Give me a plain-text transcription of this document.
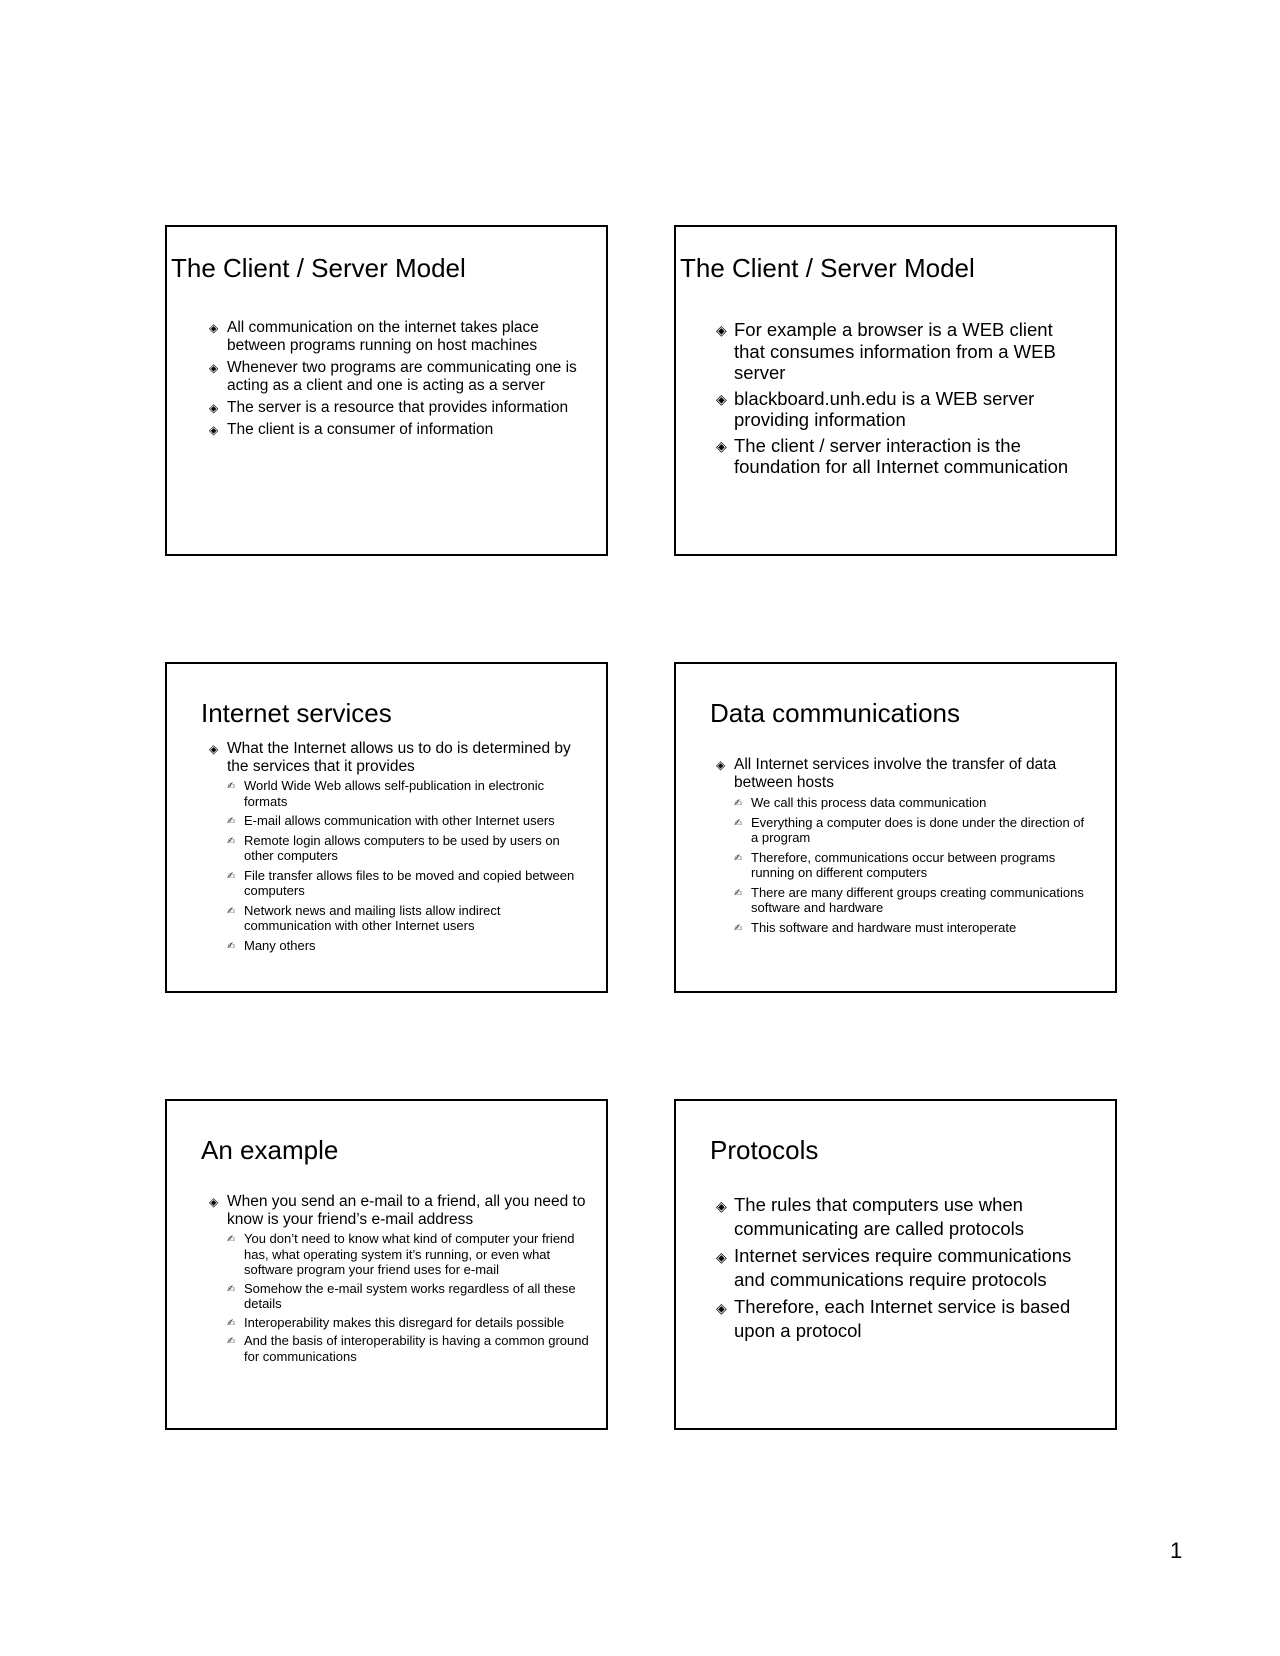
The Client / Server Model
◈ All communication on the internet takes place between programs running on host machines
◈ Whenever two programs are communicating one is acting as a client and one is acting as a server
◈ The server is a resource that provides information
◈ The client is a consumer of information
The Client / Server Model
◈ For example a browser is a WEB client that consumes information from a WEB server
◈ blackboard.unh.edu is a WEB server providing information
◈ The client / server interaction is the foundation for all Internet communication
Internet services
◈ What the Internet allows us to do is determined by the services that it provides
✍ World Wide Web allows self-publication in electronic formats
✍ E-mail allows communication with other Internet users
✍ Remote login allows computers to be used by users on other computers
✍ File transfer allows files to be moved and copied between computers
✍ Network news and mailing lists allow indirect communication with other Internet users
✍ Many others
Data communications
◈ All Internet services involve the transfer of data between hosts
✍ We call this process data communication
✍ Everything a computer does is done under the direction of a program
✍ Therefore, communications occur between programs running on different computers
✍ There are many different groups creating communications software and hardware
✍ This software and hardware must interoperate
An example
◈ When you send an e-mail to a friend, all you need to know is your friend’s e-mail address
✍ You don’t need to know what kind of computer your friend has, what operating system it’s running, or even what software program your friend uses for e-mail
✍ Somehow the e-mail system works regardless of all these details
✍ Interoperability makes this disregard for details possible
✍ And the basis of interoperability is having a common ground for communications
Protocols
◈ The rules that computers use when communicating are called protocols
◈ Internet services require communications and communications require protocols
◈ Therefore, each Internet service is based upon a protocol
1
